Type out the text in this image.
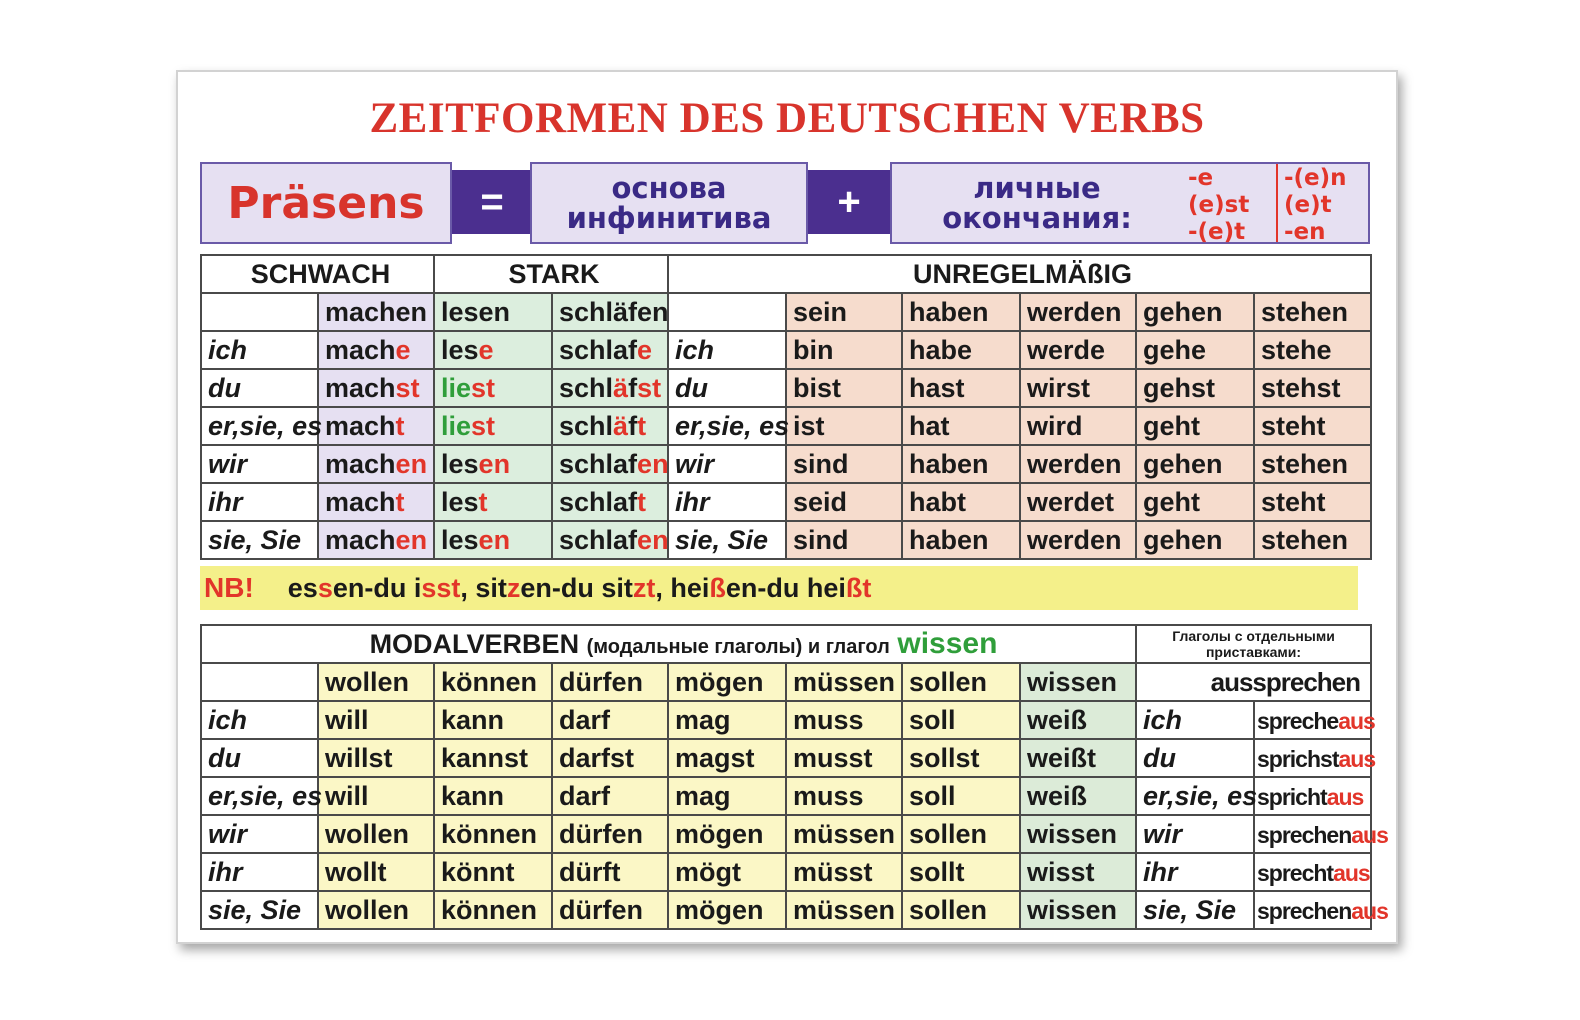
ZEITFORMEN DES DEUTSCHEN VERBS
Präsens	=	основа
инфинитива	+	личные
окончания:
-e
(e)st
-(e)t
-(e)n
(e)t
-en
SCHWACH		STARK		UNREGELMÄßIG					
	machen	lesen	schläfen		sein	haben	werden	gehen	stehen
ich	mache	lese	schlafe	ich	bin	habe	werde	gehe	stehe
du	machst	liest	schläfst	du	bist	hast	wirst	gehst	stehst
er,sie, es	macht	liest	schläft	er,sie, es	ist	hat	wird	geht	steht
wir	machen	lesen	schlafen	wir	sind	haben	werden	gehen	stehen
ihr	macht	lest	schlaft	ihr	seid	habt	werdet	geht	steht
sie, Sie	machen	lesen	schlafen	sie, Sie	sind	haben	werden	gehen	stehen
NB! essen-du isst, sitzen-du sitzt, heißen-du heißt
MODALVERBEN (модальные глаголы) и глагол wissen								Глаголы с отдельными приставками:	
	wollen	können	dürfen	mögen	müssen	sollen	wissen	aussprechen	
ich	will	kann	darf	mag	muss	soll	weiß	ich	sprecheaus
du	willst	kannst	darfst	magst	musst	sollst	weißt	du	sprichstaus
er,sie, es	will	kann	darf	mag	muss	soll	weiß	er,sie, es	sprichtaus
wir	wollen	können	dürfen	mögen	müssen	sollen	wissen	wir	sprechenaus
ihr	wollt	könnt	dürft	mögt	müsst	sollt	wisst	ihr	sprechtaus
sie, Sie	wollen	können	dürfen	mögen	müssen	sollen	wissen	sie, Sie	sprechenaus
